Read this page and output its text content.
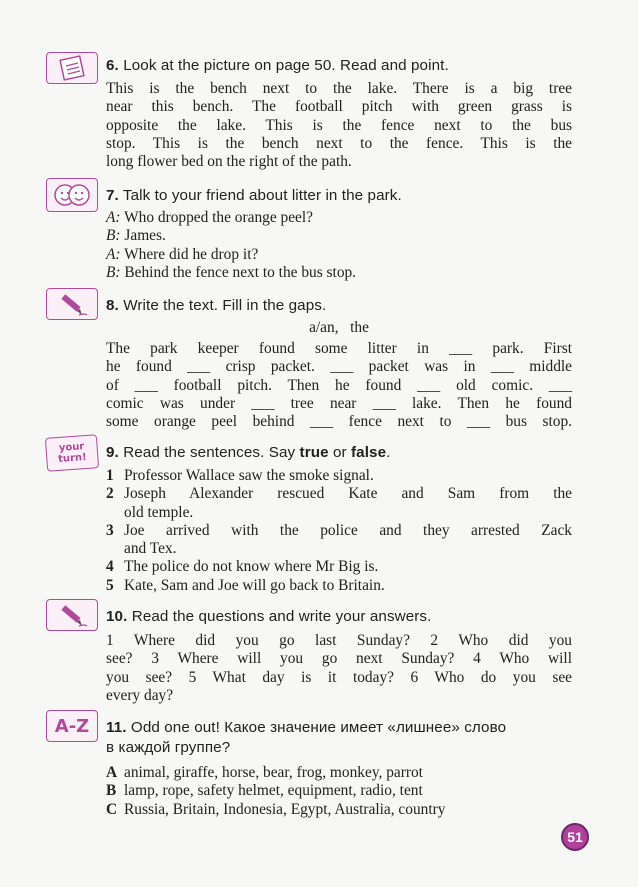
6. Look at the picture on page 50. Read and point.
This is the bench next to the lake. There is a big tree
near this bench. The football pitch with green grass is
opposite the lake. This is the fence next to the bus
stop. This is the bench next to the fence. This is the
long flower bed on the right of the path.
7. Talk to your friend about litter in the park.
A: Who dropped the orange peel?
B: James.
A: Where did he drop it?
B: Behind the fence next to the bus stop.
8. Write the text. Fill in the gaps.
a/an,   the
The park keeper found some litter in ___ park. First
he found ___ crisp packet. ___ packet was in ___ middle
of ___ football pitch. Then he found ___ old comic. ___
comic was under ___ tree near ___ lake. Then he found
some orange peel behind ___ fence next to ___ bus stop.
your turn!	9. Read the sentences. Say true or false.
1 Professor Wallace saw the smoke signal.
2 Joseph Alexander rescued Kate and Sam from the
old temple.
3 Joe arrived with the police and they arrested Zack
and Tex.
4 The police do not know where Mr Big is.
5 Kate, Sam and Joe will go back to Britain.
10. Read the questions and write your answers.
1 Where did you go last Sunday? 2 Who did you
see? 3 Where will you go next Sunday? 4 Who will
you see? 5 What day is it today? 6 Who do you see
every day?
A-Z 11. Odd one out! Какое значение имеет «лишнее» слово
в каждой группе?
A animal, giraffe, horse, bear, frog, monkey, parrot
B lamp, rope, safety helmet, equipment, radio, tent
C Russia, Britain, Indonesia, Egypt, Australia, country
51
